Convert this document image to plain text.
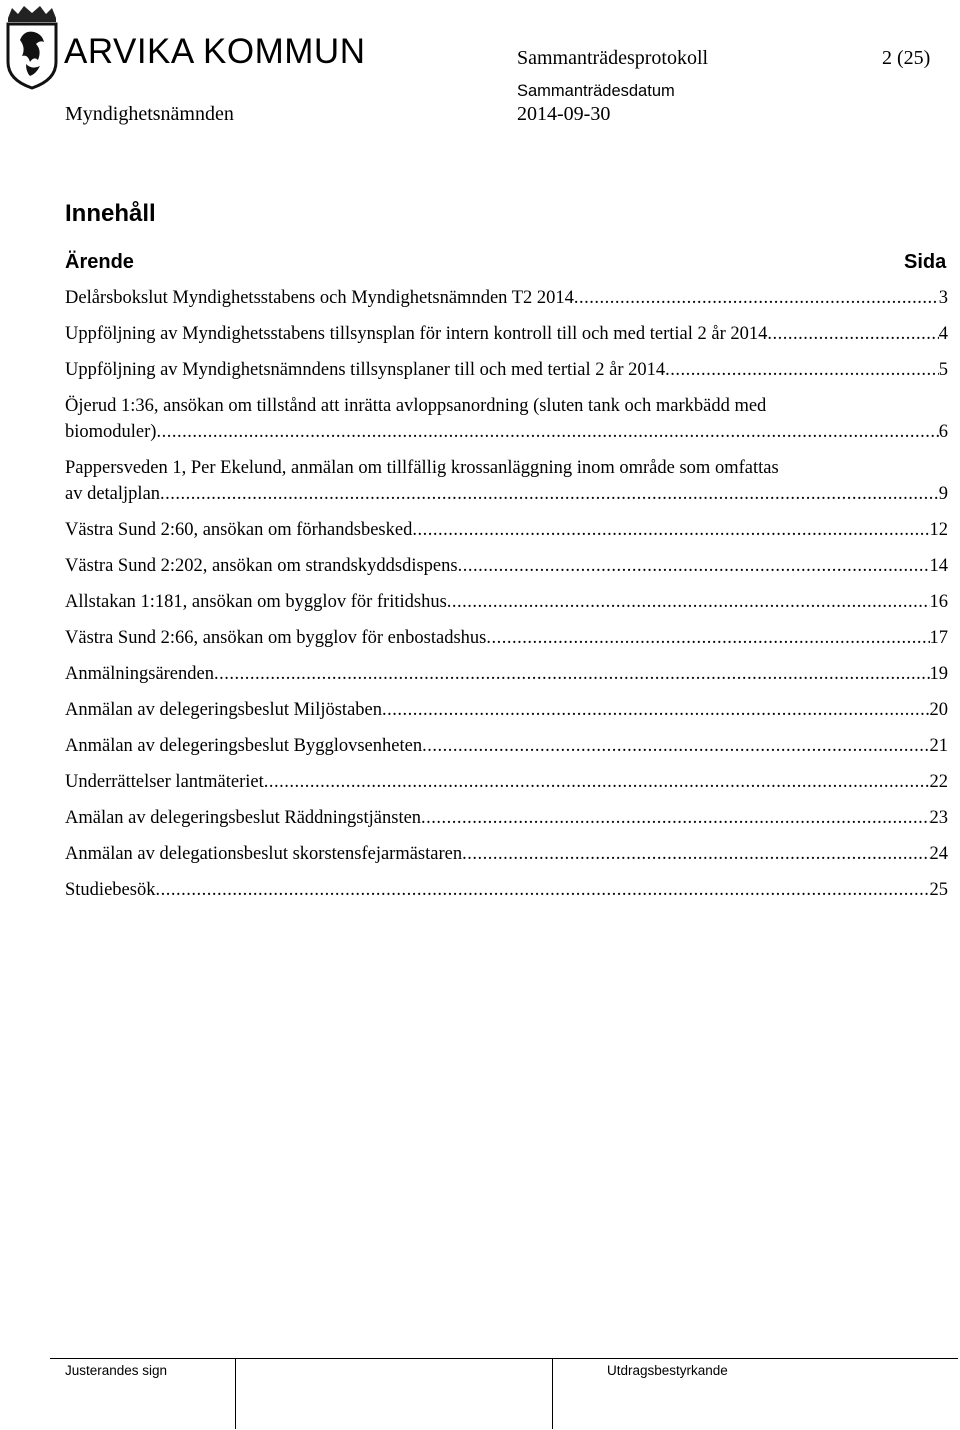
ARVIKA KOMMUN	Sammanträdesprotokoll	2 (25)
Myndighetsnämnden
Sammanträdesdatum
2014-09-30
Innehåll
Ärende	Sida
Delårsbokslut Myndighetsstabens och Myndighetsnämnden T2 2014 .....	3
Uppföljning av Myndighetsstabens tillsynsplan för intern kontroll till och med tertial 2 år 2014 .....	4
Uppföljning av Myndighetsnämndens tillsynsplaner till och med tertial 2 år 2014 .....	5
Öjerud 1:36, ansökan om tillstånd att inrätta avloppsanordning (sluten tank och markbädd med
biomoduler) .....	6
Pappersveden 1, Per Ekelund, anmälan om tillfällig krossanläggning inom område som omfattas
av detaljplan .....	9
Västra Sund 2:60, ansökan om förhandsbesked .....	12
Västra Sund 2:202, ansökan om strandskyddsdispens .....	14
Allstakan 1:181, ansökan om bygglov för fritidshus .....	16
Västra Sund 2:66, ansökan om bygglov för enbostadshus .....	17
Anmälningsärenden .....	19
Anmälan av delegeringsbeslut Miljöstaben .....	20
Anmälan av delegeringsbeslut Bygglovsenheten .....	21
Underrättelser lantmäteriet .....	22
Amälan av delegeringsbeslut Räddningstjänsten .....	23
Anmälan av delegationsbeslut skorstensfejarmästaren .....	24
Studiebesök .....	25
Justerandes sign	Utdragsbestyrkande
